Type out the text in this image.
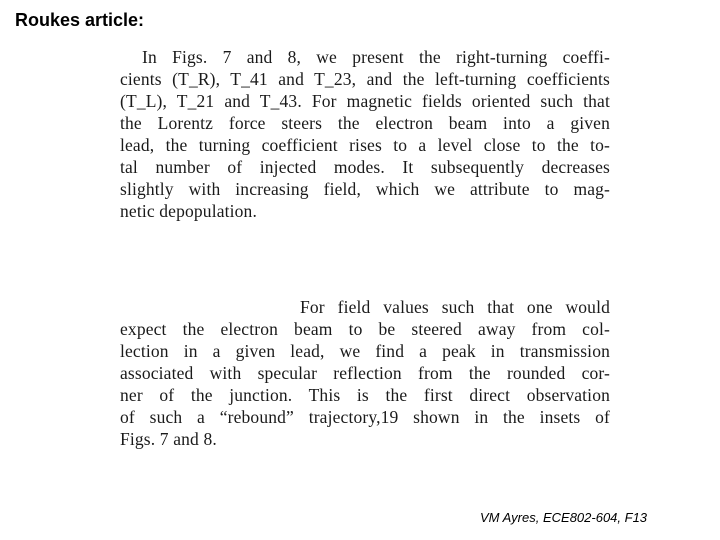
Roukes article:
In Figs. 7 and 8, we present the right-turning coeffi-
cients (T_R), T_41 and T_23, and the left-turning coefficients
(T_L), T_21 and T_43. For magnetic fields oriented such that
the Lorentz force steers the electron beam into a given
lead, the turning coefficient rises to a level close to the to-
tal number of injected modes. It subsequently decreases
slightly with increasing field, which we attribute to mag-
netic depopulation.
For field values such that one would
expect the electron beam to be steered away from col-
lection in a given lead, we find a peak in transmission
associated with specular reflection from the rounded cor-
ner of the junction. This is the first direct observation
of such a “rebound” trajectory,19 shown in the insets of
Figs. 7 and 8.
VM Ayres, ECE802-604, F13
